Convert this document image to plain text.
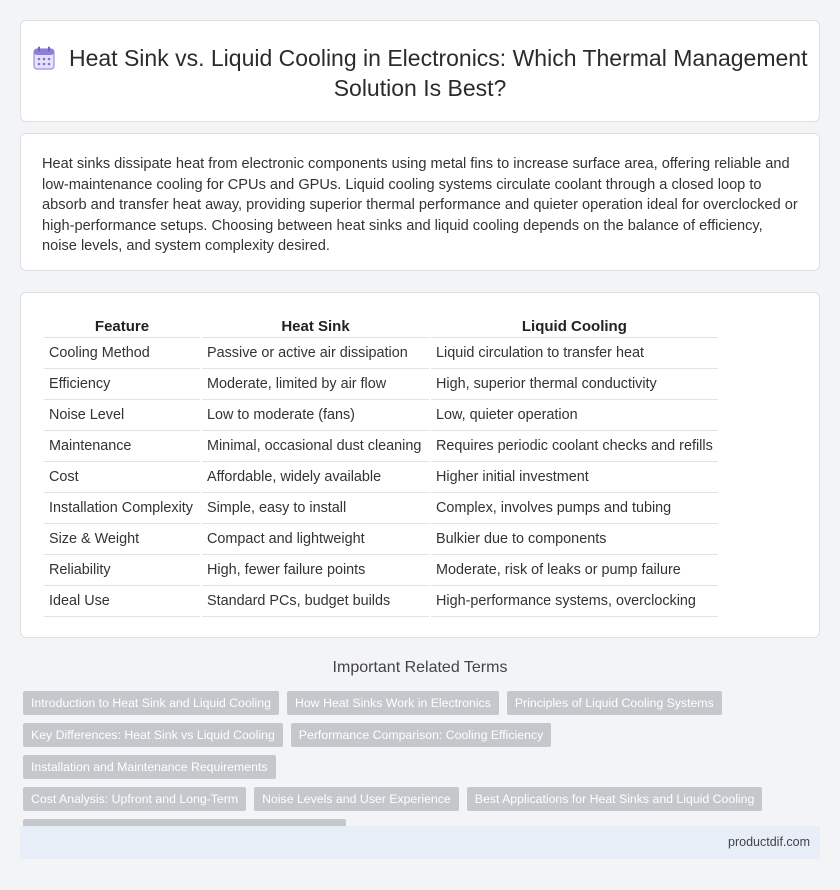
Heat Sink vs. Liquid Cooling in Electronics: Which Thermal Management Solution Is Best?

Heat sinks dissipate heat from electronic components using metal fins to increase surface area, offering reliable and low-maintenance cooling for CPUs and GPUs. Liquid cooling systems circulate coolant through a closed loop to absorb and transfer heat away, providing superior thermal performance and quieter operation ideal for overclocked or high-performance setups. Choosing between heat sinks and liquid cooling depends on the balance of efficiency, noise levels, and system complexity desired.

Feature	Heat Sink	Liquid Cooling
Cooling Method	Passive or active air dissipation	Liquid circulation to transfer heat
Efficiency	Moderate, limited by air flow	High, superior thermal conductivity
Noise Level	Low to moderate (fans)	Low, quieter operation
Maintenance	Minimal, occasional dust cleaning	Requires periodic coolant checks and refills
Cost	Affordable, widely available	Higher initial investment
Installation Complexity	Simple, easy to install	Complex, involves pumps and tubing
Size & Weight	Compact and lightweight	Bulkier due to components
Reliability	High, fewer failure points	Moderate, risk of leaks or pump failure
Ideal Use	Standard PCs, budget builds	High-performance systems, overclocking
Important Related Terms
Introduction to Heat Sink and Liquid Cooling How Heat Sinks Work in Electronics Principles of Liquid Cooling Systems
Key Differences: Heat Sink vs Liquid Cooling Performance Comparison: Cooling EfficiencyInstallation and Maintenance Requirements
Cost Analysis: Upfront and Long-Term Noise Levels and User Experience Best Applications for Heat Sinks and Liquid Cooling

productdif.com
